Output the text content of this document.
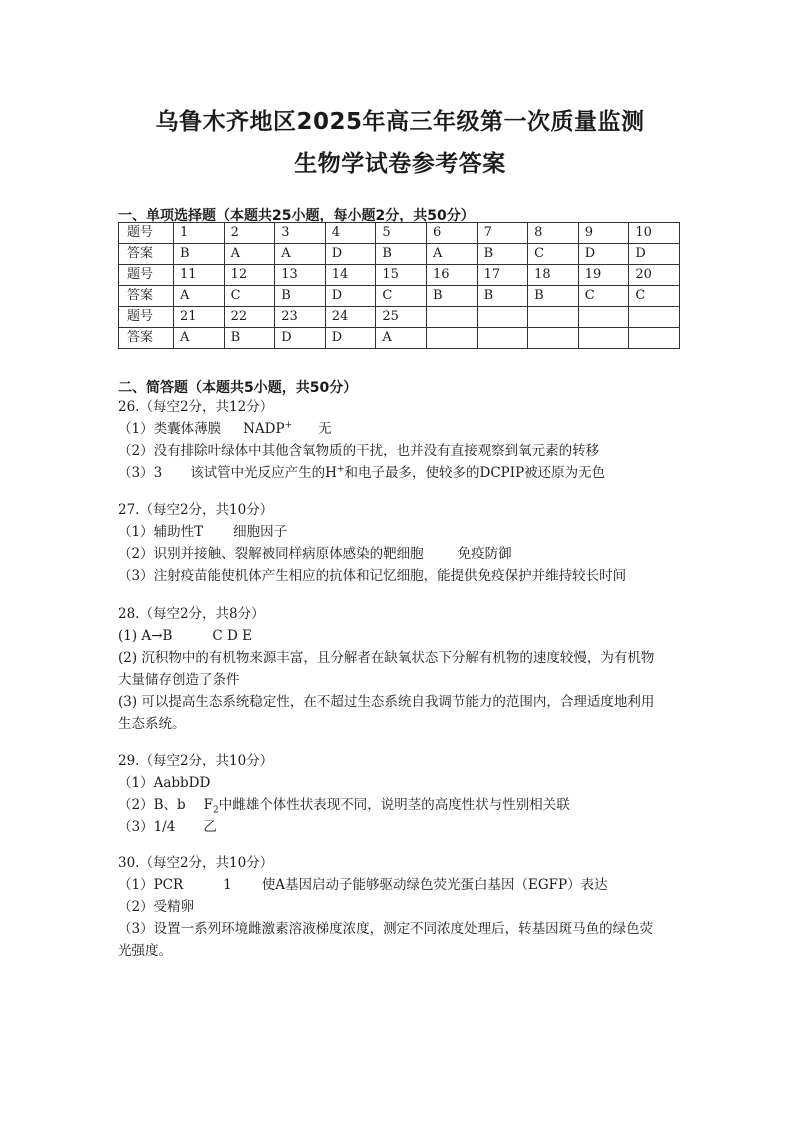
乌鲁木齐地区2025年高三年级第一次质量监测
生物学试卷参考答案
一、单项选择题（本题共25小题，每小题2分，共50分）
题号	1	2	3	4	5	6	7	8	9	10
答案	B	A	A	D	B	A	B	C	D	D
题号	11	12	13	14	15	16	17	18	19	20
答案	A	C	B	D	C	B	B	B	C	C
题号	21	22	23	24	25					
答案	A	B	D	D	A					
二、简答题（本题共5小题，共50分）
26.（每空2分，共12分）
（1）类囊体薄膜 NADP+ 无
（2）没有排除叶绿体中其他含氧物质的干扰，也并没有直接观察到氧元素的转移
（3）3 该试管中光反应产生的H+和电子最多，使较多的DCPIP被还原为无色
27.（每空2分，共10分）
（1）辅助性T 细胞因子
（2）识别并接触、裂解被同样病原体感染的靶细胞	免疫防御
（3）注射疫苗能使机体产生相应的抗体和记忆细胞，能提供免疫保护并维持较长时间
28.（每空2分，共8分）
(1) A→B	C D E
(2) 沉积物中的有机物来源丰富，且分解者在缺氧状态下分解有机物的速度较慢，为有机物
大量储存创造了条件
(3) 可以提高生态系统稳定性，在不超过生态系统自我调节能力的范围内，合理适度地利用
生态系统。
29.（每空2分，共10分）
（1）AabbDD
（2）B、b $F_2$中雌雄个体性状表现不同，说明茎的高度性状与性别相关联
（3）1/4 乙
30.（每空2分，共10分）
（1）PCR	1 使A基因启动子能够驱动绿色荧光蛋白基因（EGFP）表达
（2）受精卵
（3）设置一系列环境雌激素溶液梯度浓度，测定不同浓度处理后，转基因斑马鱼的绿色荧
光强度。
